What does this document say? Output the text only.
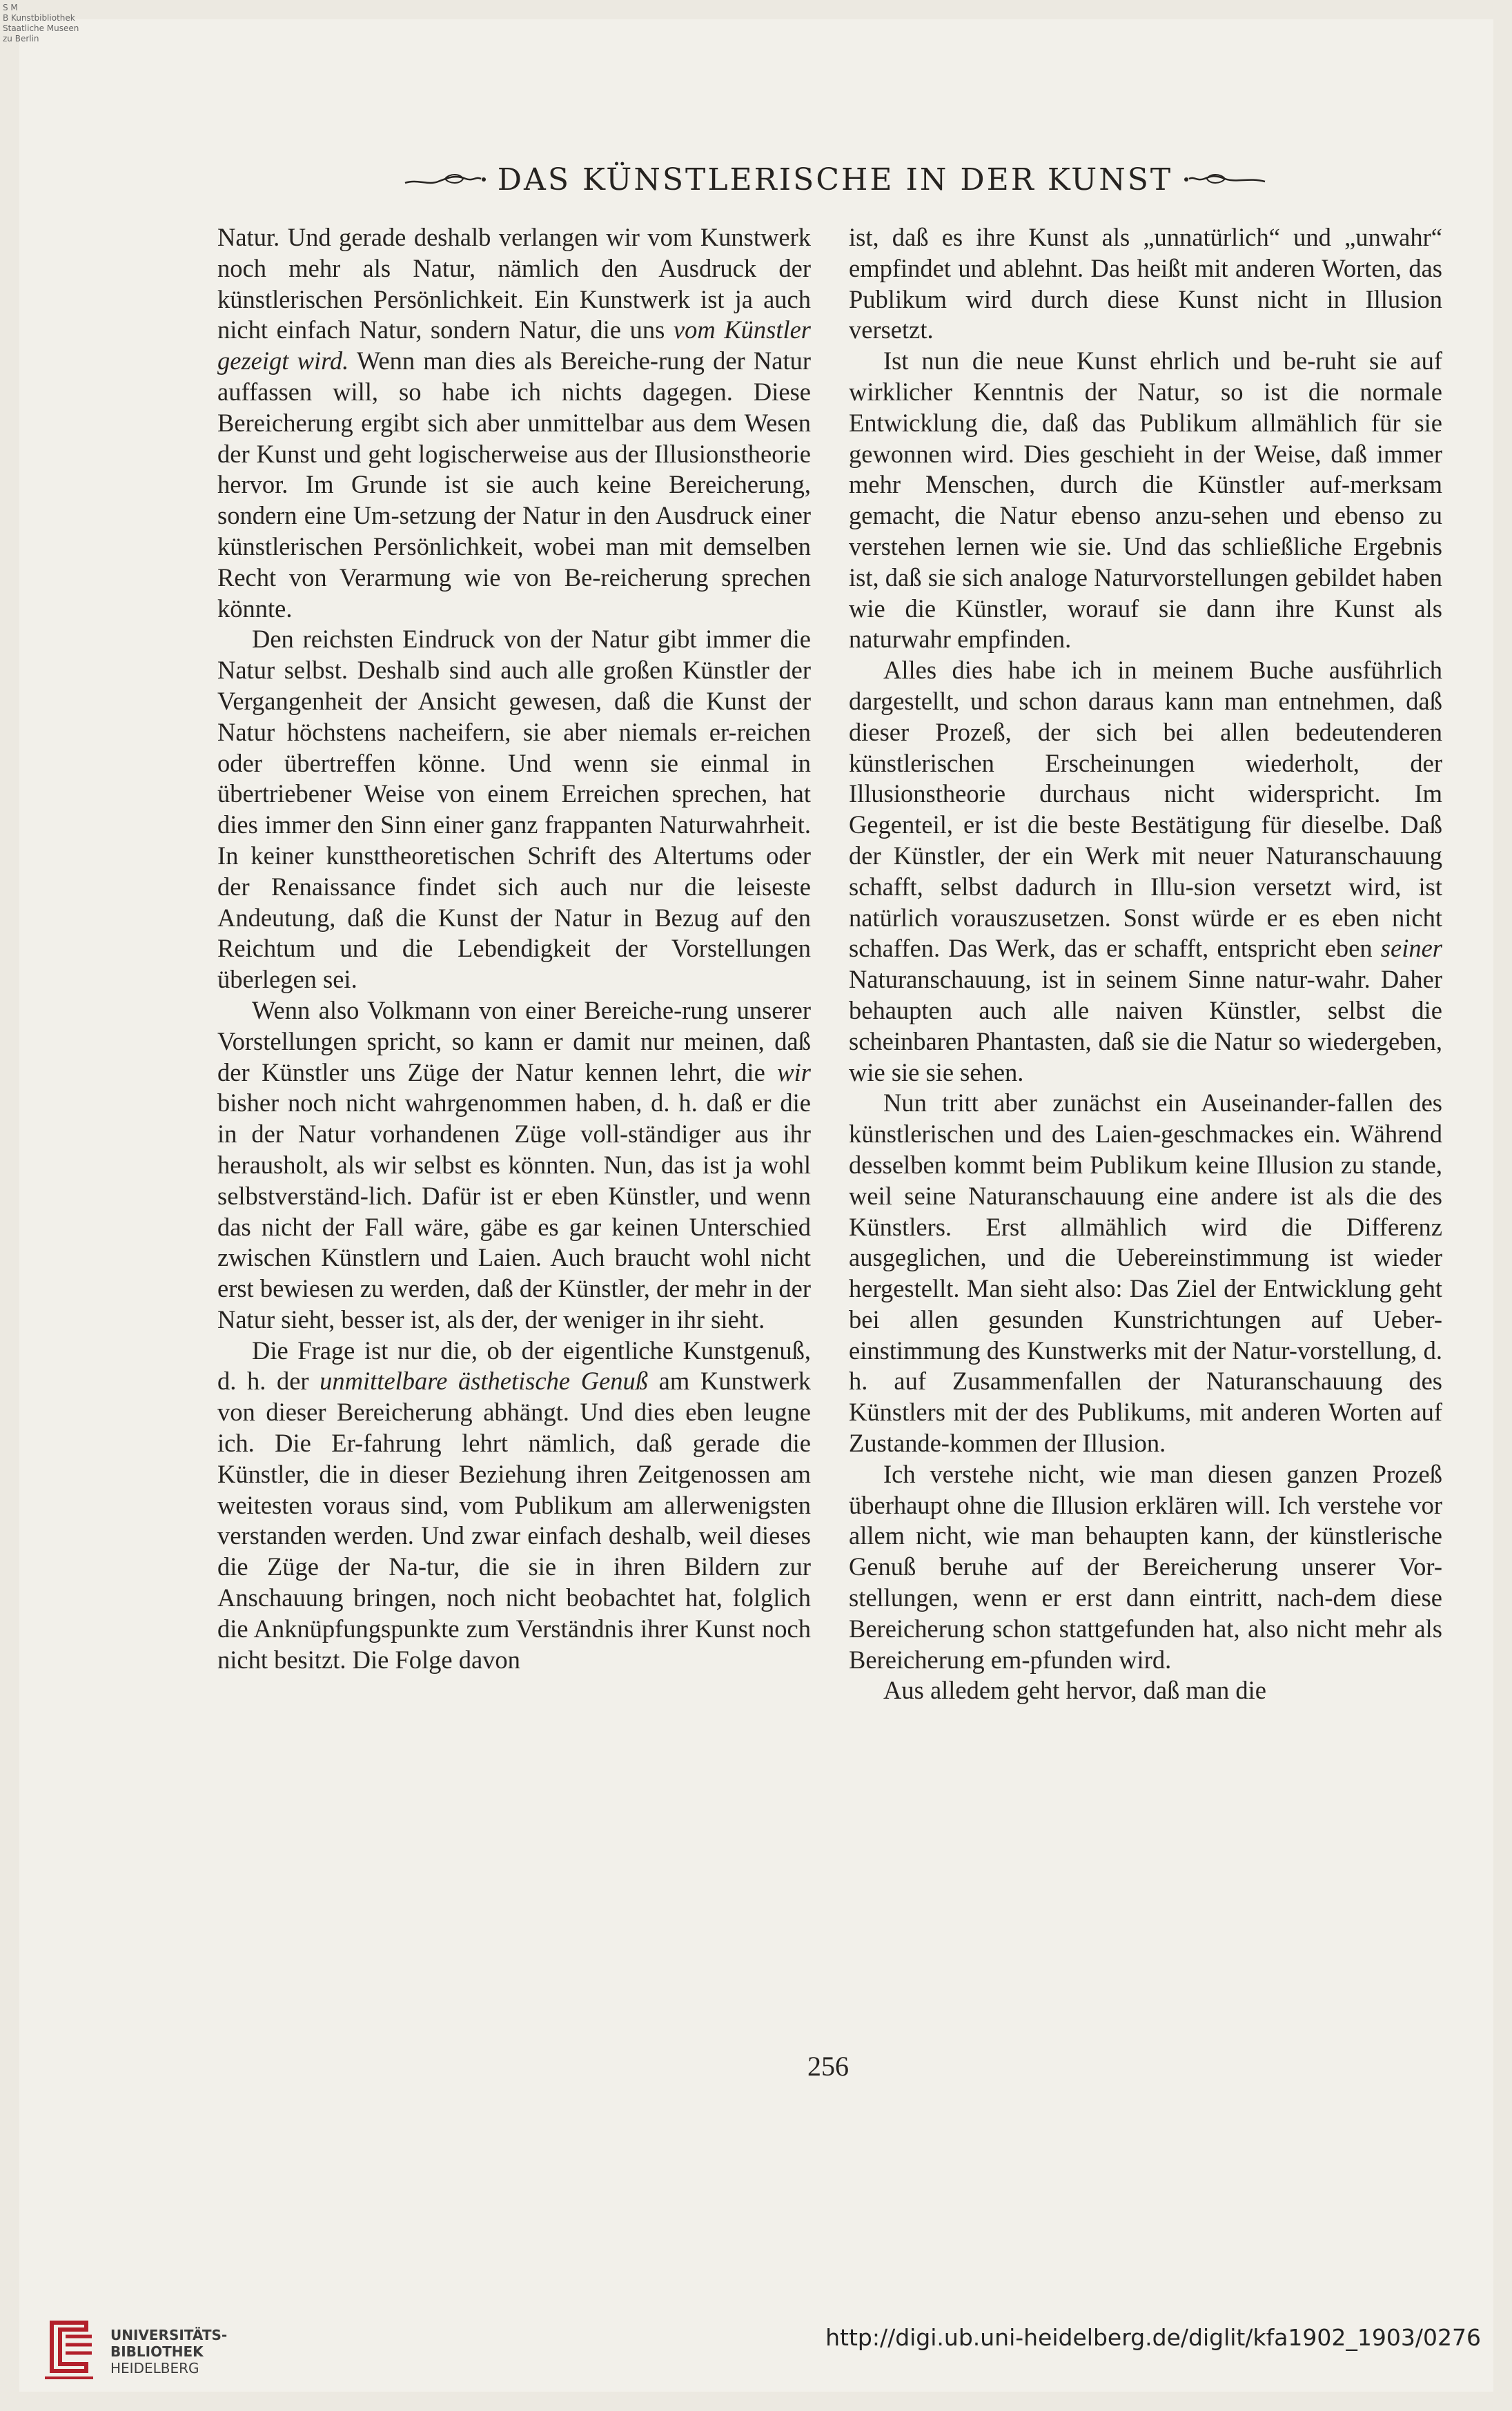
S M
B Kunstbibliothek
Staatliche Museen
zu Berlin
DAS KÜNSTLERISCHE IN DER KUNST

Natur. Und gerade deshalb verlangen wir vom Kunstwerk noch mehr als Natur, nämlich den Ausdruck der künstlerischen Persönlichkeit. Ein Kunstwerk ist ja auch nicht einfach Natur, sondern Natur, die uns vom Künstler gezeigt wird. Wenn man dies als Bereiche-rung der Natur auffassen will, so habe ich nichts dagegen. Diese Bereicherung ergibt sich aber unmittelbar aus dem Wesen der Kunst und geht logischerweise aus der Illusionstheorie hervor. Im Grunde ist sie auch keine Bereicherung, sondern eine Um-setzung der Natur in den Ausdruck einer künstlerischen Persönlichkeit, wobei man mit demselben Recht von Verarmung wie von Be-reicherung sprechen könnte.

Den reichsten Eindruck von der Natur gibt immer die Natur selbst. Deshalb sind auch alle großen Künstler der Vergangenheit der Ansicht gewesen, daß die Kunst der Natur höchstens nacheifern, sie aber niemals er-reichen oder übertreffen könne. Und wenn sie einmal in übertriebener Weise von einem Erreichen sprechen, hat dies immer den Sinn einer ganz frappanten Naturwahrheit. In keiner kunsttheoretischen Schrift des Altertums oder der Renaissance findet sich auch nur die leiseste Andeutung, daß die Kunst der Natur in Bezug auf den Reichtum und die Lebendigkeit der Vorstellungen überlegen sei.

Wenn also Volkmann von einer Bereiche-rung unserer Vorstellungen spricht, so kann er damit nur meinen, daß der Künstler uns Züge der Natur kennen lehrt, die wir bisher noch nicht wahrgenommen haben, d. h. daß er die in der Natur vorhandenen Züge voll-ständiger aus ihr herausholt, als wir selbst es könnten. Nun, das ist ja wohl selbstverständ-lich. Dafür ist er eben Künstler, und wenn das nicht der Fall wäre, gäbe es gar keinen Unterschied zwischen Künstlern und Laien. Auch braucht wohl nicht erst bewiesen zu werden, daß der Künstler, der mehr in der Natur sieht, besser ist, als der, der weniger in ihr sieht.

Die Frage ist nur die, ob der eigentliche Kunstgenuß, d. h. der unmittelbare ästhetische Genuß am Kunstwerk von dieser Bereicherung abhängt. Und dies eben leugne ich. Die Er-fahrung lehrt nämlich, daß gerade die Künstler, die in dieser Beziehung ihren Zeitgenossen am weitesten voraus sind, vom Publikum am allerwenigsten verstanden werden. Und zwar einfach deshalb, weil dieses die Züge der Na-tur, die sie in ihren Bildern zur Anschauung bringen, noch nicht beobachtet hat, folglich die Anknüpfungspunkte zum Verständnis ihrer Kunst noch nicht besitzt. Die Folge davon

ist, daß es ihre Kunst als „unnatürlich“ und „unwahr“ empfindet und ablehnt. Das heißt mit anderen Worten, das Publikum wird durch diese Kunst nicht in Illusion versetzt.

Ist nun die neue Kunst ehrlich und be-ruht sie auf wirklicher Kenntnis der Natur, so ist die normale Entwicklung die, daß das Publikum allmählich für sie gewonnen wird. Dies geschieht in der Weise, daß immer mehr Menschen, durch die Künstler auf-merksam gemacht, die Natur ebenso anzu-sehen und ebenso zu verstehen lernen wie sie. Und das schließliche Ergebnis ist, daß sie sich analoge Naturvorstellungen gebildet haben wie die Künstler, worauf sie dann ihre Kunst als naturwahr empfinden.

Alles dies habe ich in meinem Buche ausführlich dargestellt, und schon daraus kann man entnehmen, daß dieser Prozeß, der sich bei allen bedeutenderen künstlerischen Erscheinungen wiederholt, der Illusionstheorie durchaus nicht widerspricht. Im Gegenteil, er ist die beste Bestätigung für dieselbe. Daß der Künstler, der ein Werk mit neuer Naturanschauung schafft, selbst dadurch in Illu-sion versetzt wird, ist natürlich vorauszusetzen. Sonst würde er es eben nicht schaffen. Das Werk, das er schafft, entspricht eben seiner Naturanschauung, ist in seinem Sinne natur-wahr. Daher behaupten auch alle naiven Künstler, selbst die scheinbaren Phantasten, daß sie die Natur so wiedergeben, wie sie sie sehen.

Nun tritt aber zunächst ein Auseinander-fallen des künstlerischen und des Laien-geschmackes ein. Während desselben kommt beim Publikum keine Illusion zu stande, weil seine Naturanschauung eine andere ist als die des Künstlers. Erst allmählich wird die Differenz ausgeglichen, und die Uebereinstimmung ist wieder hergestellt. Man sieht also: Das Ziel der Entwicklung geht bei allen gesunden Kunstrichtungen auf Ueber-einstimmung des Kunstwerks mit der Natur-vorstellung, d. h. auf Zusammenfallen der Naturanschauung des Künstlers mit der des Publikums, mit anderen Worten auf Zustande-kommen der Illusion.

Ich verstehe nicht, wie man diesen ganzen Prozeß überhaupt ohne die Illusion erklären will. Ich verstehe vor allem nicht, wie man behaupten kann, der künstlerische Genuß beruhe auf der Bereicherung unserer Vor-stellungen, wenn er erst dann eintritt, nach-dem diese Bereicherung schon stattgefunden hat, also nicht mehr als Bereicherung em-pfunden wird.

Aus alledem geht hervor, daß man die

256
UNIVERSITÄTS-
BIBLIOTHEK
HEIDELBERG
http://digi.ub.uni-heidelberg.de/diglit/kfa1902_1903/0276
